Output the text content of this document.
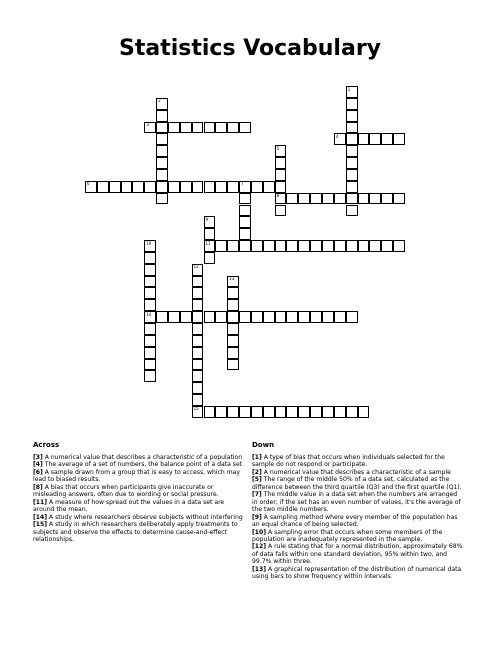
Statistics Vocabulary
1
2
3
4
5
8
6	7
9
11
10
14
12
15
13
Across

[3] A numerical value that describes a characteristic of a population

[4] The average of a set of numbers, the balance point of a data set

[6] A sample drawn from a group that is easy to access, which may lead to biased results.

[8] A bias that occurs when participants give inaccurate or misleading answers, often due to wording or social pressure.

[11] A measure of how spread out the values in a data set are around the mean.

[14] A study where researchers observe subjects without interfering

[15] A study in which researchers deliberately apply treatments to subjects and observe the effects to determine cause-and-effect relationships.

Down

[1] A type of bias that occurs when individuals selected for the sample do not respond or participate.

[2] A numerical value that describes a characteristic of a sample

[5] The range of the middle 50% of a data set, calculated as the difference between the third quartile (Q3) and the first quartile (Q1).

[7] The middle value in a data set when the numbers are arranged in order; if the set has an even number of values, it's the average of the two middle numbers.

[9] A sampling method where every member of the population has an equal chance of being selected.

[10] A sampling error that occurs when some members of the population are inadequately represented in the sample.

[12] A rule stating that for a normal distribution, approximately 68% of data falls within one standard deviation, 95% within two, and 99.7% within three.

[13] A graphical representation of the distribution of numerical data using bars to show frequency within intervals.
